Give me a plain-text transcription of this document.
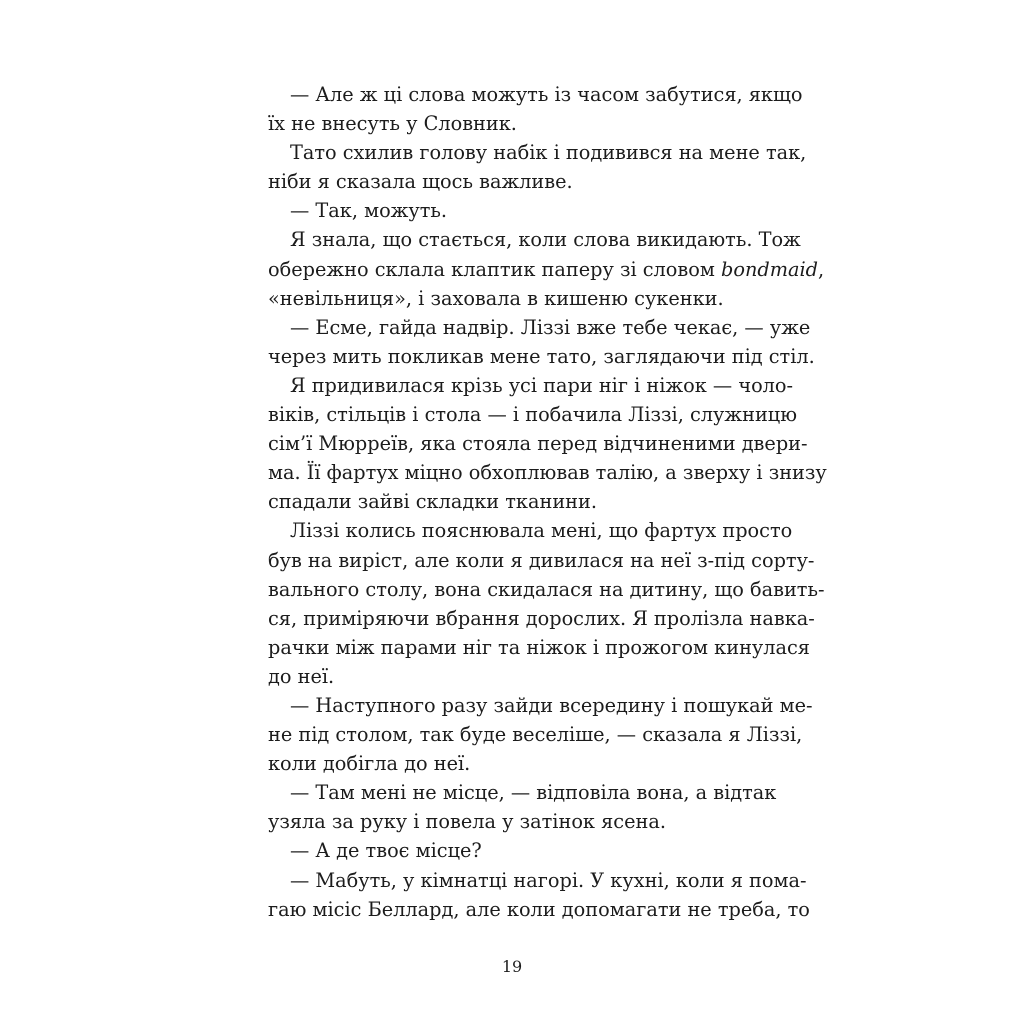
— Але ж ці слова можуть із часом забутися, якщо
їх не внесуть у Словник.
Тато схилив голову набік і подивився на мене так,
ніби я сказала щось важливе.
— Так, можуть.
Я знала, що стається, коли слова викидають. Тож
обережно склала клаптик паперу зі словом bondmaid,
«невільниця», і заховала в кишеню сукенки.
— Есме, гайда надвір. Ліззі вже тебе чекає, — уже
через мить покликав мене тато, заглядаючи під стіл.
Я придивилася крізь усі пари ніг і ніжок — чоло-
віків, стільців і стола — і побачила Ліззі, служницю
сім’ї Мюрреїв, яка стояла перед відчиненими двери-
ма. Її фартух міцно обхоплював талію, а зверху і знизу
спадали зайві складки тканини.
Ліззі колись пояснювала мені, що фартух просто
був на виріст, але коли я дивилася на неї з-під сорту-
вального столу, вона скидалася на дитину, що бавить-
ся, приміряючи вбрання дорослих. Я пролізла навка-
рачки між парами ніг та ніжок і прожогом кинулася
до неї.
— Наступного разу зайди всередину і пошукай ме-
не під столом, так буде веселіше, — сказала я Ліззі,
коли добігла до неї.
— Там мені не місце, — відповіла вона, а відтак
узяла за руку і повела у затінок ясена.
— А де твоє місце?
— Мабуть, у кімнатці нагорі. У кухні, коли я пома-
гаю місіс Беллард, але коли допомагати не треба, то
19
